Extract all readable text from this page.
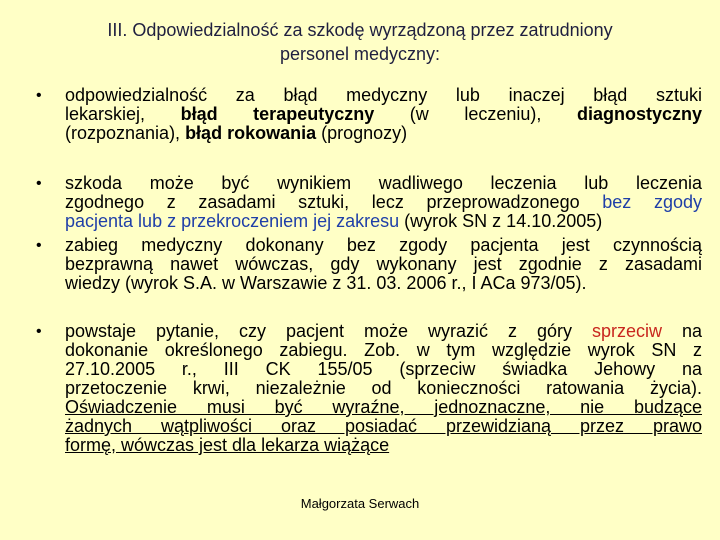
III. Odpowiedzialność za szkodę wyrządzoną przez zatrudniony
personel medyczny:
• odpowiedzialność za błąd medyczny lub inaczej błąd sztuki
lekarskiej, błąd terapeutyczny (w leczeniu), diagnostyczny
(rozpoznania), błąd rokowania (prognozy)
• szkoda może być wynikiem wadliwego leczenia lub leczenia
zgodnego z zasadami sztuki, lecz przeprowadzonego bez zgody
pacjenta lub z przekroczeniem jej zakresu (wyrok SN z 14.10.2005)
• zabieg medyczny dokonany bez zgody pacjenta jest czynnością
bezprawną nawet wówczas, gdy wykonany jest zgodnie z zasadami
wiedzy (wyrok S.A. w Warszawie z 31. 03. 2006 r., I ACa 973/05).
• powstaje pytanie, czy pacjent może wyrazić z góry sprzeciw na
dokonanie określonego zabiegu. Zob. w tym względzie wyrok SN z
27.10.2005 r., III CK 155/05 (sprzeciw świadka Jehowy na
przetoczenie krwi, niezależnie od konieczności ratowania życia).
Oświadczenie musi być wyraźne, jednoznaczne, nie budzące
żadnych wątpliwości oraz posiadać przewidzianą przez prawo
formę, wówczas jest dla lekarza wiążące
Małgorzata Serwach
